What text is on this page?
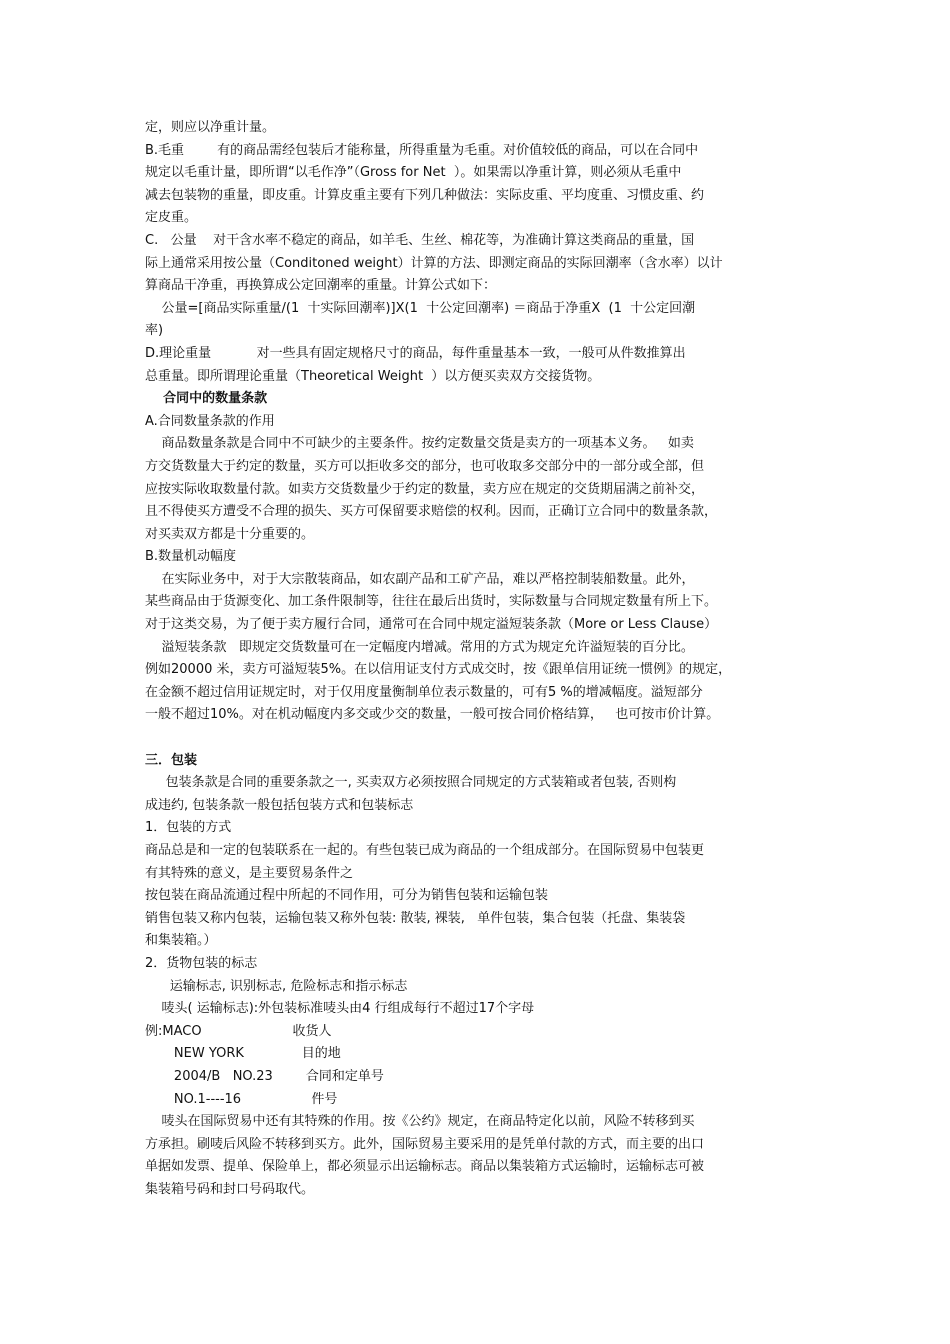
定，则应以净重计量。
B.毛重        有的商品需经包装后才能称量，所得重量为毛重。对价值较低的商品，可以在合同中
规定以毛重计量，即所谓“以毛作净”（Gross for Net  ）。如果需以净重计算，则必须从毛重中
减去包装物的重量，即皮重。计算皮重主要有下列几种做法：实际皮重、平均度重、习惯皮重、约
定皮重。
C.   公量    对干含水率不稳定的商品，如羊毛、生丝、棉花等，为准确计算这类商品的重量，国
际上通常采用按公量（Conditoned weight）计算的方法、即测定商品的实际回潮率（含水率）以计
算商品干净重，再换算成公定回潮率的重量。计算公式如下：
公量=[商品实际重量/(1  十实际回潮率)]X(1  十公定回潮率) ＝商品于净重X  (1  十公定回潮
率)
D.理论重量           对一些具有固定规格尺寸的商品，每件重量基本一致，一般可从件数推算出
总重量。即所谓理论重量（Theoretical Weight  ）以方便买卖双方交接货物。
合同中的数量条款
A.合同数量条款的作用
商品数量条款是合同中不可缺少的主要条件。按约定数量交货是卖方的一项基本义务。   如卖
方交货数量大于约定的数量，买方可以拒收多交的部分，也可收取多交部分中的一部分或全部，但
应按实际收取数量付款。如卖方交货数量少于约定的数量，卖方应在规定的交货期届满之前补交，
且不得使买方遭受不合理的损失、买方可保留要求赔偿的权利。因而，正确订立合同中的数量条款，
对买卖双方都是十分重要的。
B.数量机动幅度
在实际业务中，对于大宗散装商品，如农副产品和工矿产品，难以严格控制装船数量。此外，
某些商品由于货源变化、加工条件限制等，往往在最后出货时，实际数量与合同规定数量有所上下。
对于这类交易，为了便于卖方履行合同，通常可在合同中规定溢短装条款（More or Less Clause）
溢短装条款   即规定交货数量可在一定幅度内增减。常用的方式为规定允许溢短装的百分比。
例如20000 米，卖方可溢短装5%。在以信用证支付方式成交时，按《跟单信用证统一惯例》的规定，
在金额不超过信用证规定时，对于仅用度量衡制单位表示数量的，可有5 %的增减幅度。溢短部分
一般不超过10%。对在机动幅度内多交或少交的数量，一般可按合同价格结算，   也可按市价计算。
三．包装
包装条款是合同的重要条款之一, 买卖双方必须按照合同规定的方式装箱或者包装, 否则构
成违约, 包装条款一般包括包装方式和包装标志
1．包装的方式
商品总是和一定的包装联系在一起的。有些包装已成为商品的一个组成部分。在国际贸易中包装更
有其特殊的意义，是主要贸易条件之
按包装在商品流通过程中所起的不同作用，可分为销售包装和运输包装
销售包装又称内包装，运输包装又称外包装: 散装, 裸装,   单件包装，集合包装（托盘、集装袋
和集装箱。）
2．货物包装的标志
运输标志, 识别标志, 危险标志和指示标志
唛头( 运输标志):外包装标准唛头由4 行组成每行不超过17个字母
例:MACO                      收货人
NEW YORK              目的地
2004/B   NO.23        合同和定单号
NO.1----16                 件号
唛头在国际贸易中还有其特殊的作用。按《公约》规定，在商品特定化以前，风险不转移到买
方承担。刷唛后风险不转移到买方。此外，国际贸易主要采用的是凭单付款的方式，而主要的出口
单据如发票、提单、保险单上，都必须显示出运输标志。商品以集装箱方式运输时，运输标志可被
集装箱号码和封口号码取代。
